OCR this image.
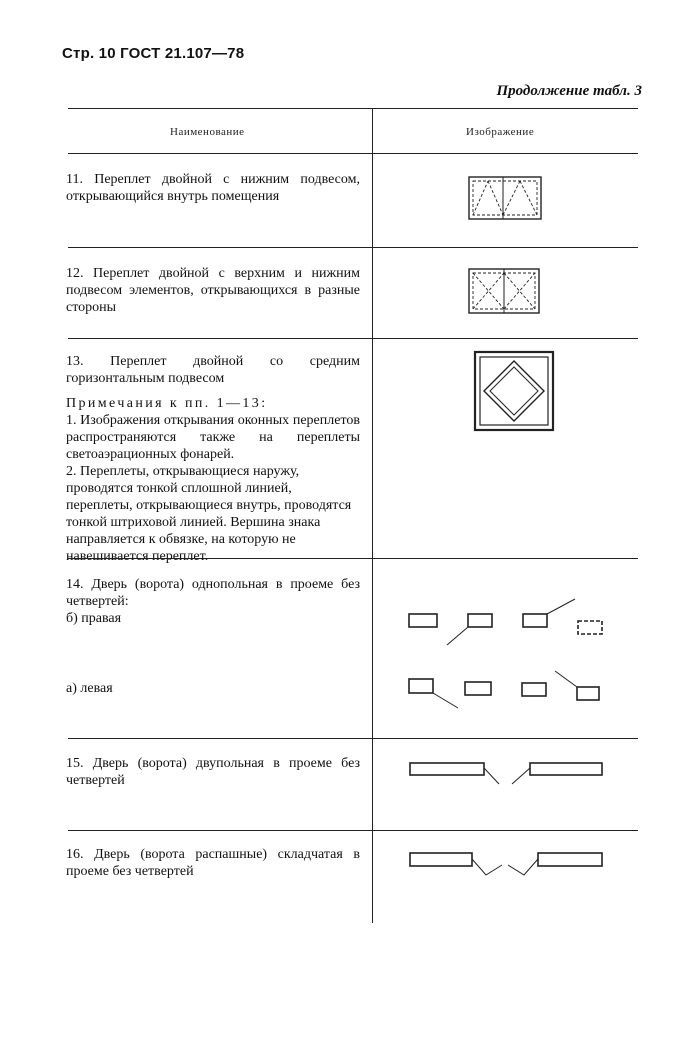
Стр. 10 ГОСТ 21.107—78
Продолжение табл. 3
Наименование	Изображение
11. Переплет двойной с нижним подвесом, открывающийся внутрь помещения
12. Переплет двойной с верхним и нижним подвесом элементов, открывающихся в разные стороны
13. Переплет двойной со средним горизонтальным подвесом
Примечания к пп. 1—13:

1. Изображения открывания оконных переплетов распространяются также на переплеты светоаэрационных фонарей.

2. Переплеты, открывающиеся наружу, проводятся тонкой сплошной линией, переплеты, открывающиеся внутрь, проводятся тонкой штриховой линией. Вершина знака направляется к обвязке, на которую не навешивается переплет.

14. Дверь (ворота) однопольная в проеме без четвертей:
б) правая
а) левая
15. Дверь (ворота) двупольная в проеме без четвертей
16. Дверь (ворота распашные) складчатая в проеме без четвертей
